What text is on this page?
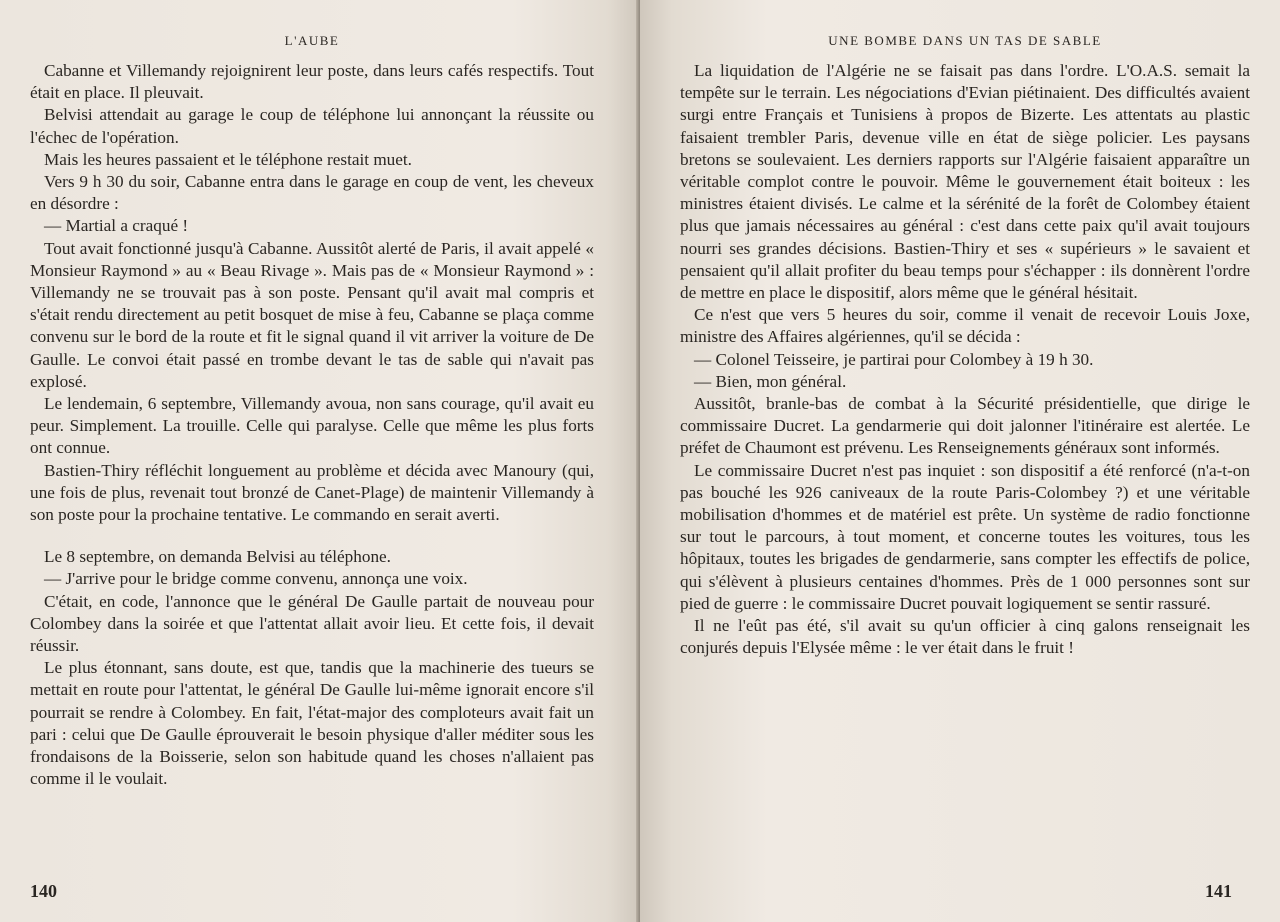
L'AUBE

Cabanne et Villemandy rejoignirent leur poste, dans leurs cafés respectifs. Tout était en place. Il pleuvait.

Belvisi attendait au garage le coup de téléphone lui annonçant la réussite ou l'échec de l'opération.

Mais les heures passaient et le téléphone restait muet.

Vers 9 h 30 du soir, Cabanne entra dans le garage en coup de vent, les cheveux en désordre :

— Martial a craqué !

Tout avait fonctionné jusqu'à Cabanne. Aussitôt alerté de Paris, il avait appelé « Monsieur Raymond » au « Beau Rivage ». Mais pas de « Monsieur Raymond » : Villemandy ne se trouvait pas à son poste. Pensant qu'il avait mal compris et s'était rendu directement au petit bosquet de mise à feu, Cabanne se plaça comme convenu sur le bord de la route et fit le signal quand il vit arriver la voiture de De Gaulle. Le convoi était passé en trombe devant le tas de sable qui n'avait pas explosé.

Le lendemain, 6 septembre, Villemandy avoua, non sans courage, qu'il avait eu peur. Simplement. La trouille. Celle qui paralyse. Celle que même les plus forts ont connue.

Bastien-Thiry réfléchit longuement au problème et décida avec Manoury (qui, une fois de plus, revenait tout bronzé de Canet-Plage) de maintenir Villemandy à son poste pour la prochaine tentative. Le commando en serait averti.

Le 8 septembre, on demanda Belvisi au téléphone.

— J'arrive pour le bridge comme convenu, annonça une voix.

C'était, en code, l'annonce que le général De Gaulle partait de nouveau pour Colombey dans la soirée et que l'attentat allait avoir lieu. Et cette fois, il devait réussir.

Le plus étonnant, sans doute, est que, tandis que la machinerie des tueurs se mettait en route pour l'attentat, le général De Gaulle lui-même ignorait encore s'il pourrait se rendre à Colombey. En fait, l'état-major des comploteurs avait fait un pari : celui que De Gaulle éprouverait le besoin physique d'aller méditer sous les frondaisons de la Boisserie, selon son habitude quand les choses n'allaient pas comme il le voulait.

140
UNE BOMBE DANS UN TAS DE SABLE

La liquidation de l'Algérie ne se faisait pas dans l'ordre. L'O.A.S. semait la tempête sur le terrain. Les négociations d'Evian piétinaient. Des difficultés avaient surgi entre Français et Tunisiens à propos de Bizerte. Les attentats au plastic faisaient trembler Paris, devenue ville en état de siège policier. Les paysans bretons se soulevaient. Les derniers rapports sur l'Algérie faisaient apparaître un véritable complot contre le pouvoir. Même le gouvernement était boiteux : les ministres étaient divisés. Le calme et la sérénité de la forêt de Colombey étaient plus que jamais nécessaires au général : c'est dans cette paix qu'il avait toujours nourri ses grandes décisions. Bastien-Thiry et ses « supérieurs » le savaient et pensaient qu'il allait profiter du beau temps pour s'échapper : ils donnèrent l'ordre de mettre en place le dispositif, alors même que le général hésitait.

Ce n'est que vers 5 heures du soir, comme il venait de recevoir Louis Joxe, ministre des Affaires algériennes, qu'il se décida :

— Colonel Teisseire, je partirai pour Colombey à 19 h 30.

— Bien, mon général.

Aussitôt, branle-bas de combat à la Sécurité présidentielle, que dirige le commissaire Ducret. La gendarmerie qui doit jalonner l'itinéraire est alertée. Le préfet de Chaumont est prévenu. Les Renseignements généraux sont informés.

Le commissaire Ducret n'est pas inquiet : son dispositif a été renforcé (n'a-t-on pas bouché les 926 caniveaux de la route Paris-Colombey ?) et une véritable mobilisation d'hommes et de matériel est prête. Un système de radio fonctionne sur tout le parcours, à tout moment, et concerne toutes les voitures, tous les hôpitaux, toutes les brigades de gendarmerie, sans compter les effectifs de police, qui s'élèvent à plusieurs centaines d'hommes. Près de 1 000 personnes sont sur pied de guerre : le commissaire Ducret pouvait logiquement se sentir rassuré.

Il ne l'eût pas été, s'il avait su qu'un officier à cinq galons renseignait les conjurés depuis l'Elysée même : le ver était dans le fruit !

141
